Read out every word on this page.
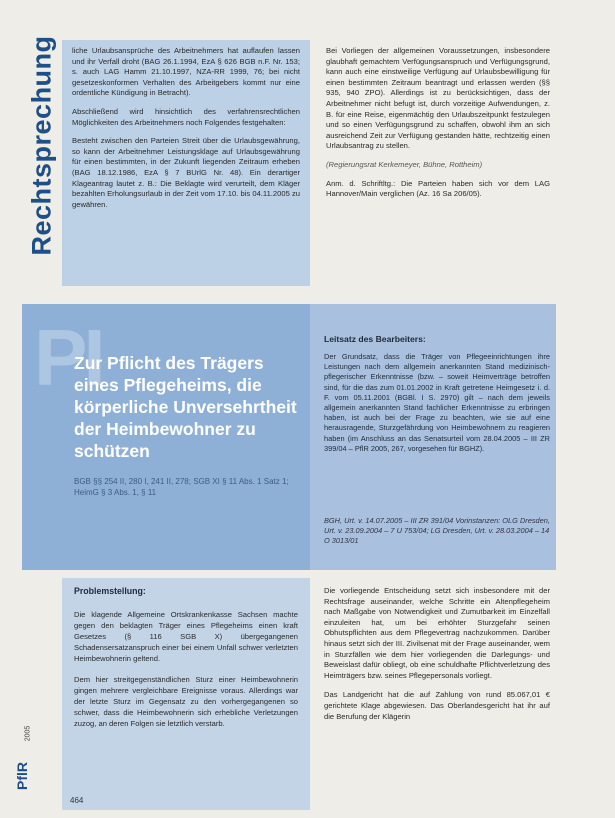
Rechtsprechung liche Urlaubsansprüche des Arbeitnehmers hat auflaufen lassen und ihr Verfall droht (BAG 26.1.1994, EzA § 626 BGB n.F. Nr. 153; s. auch LAG Hamm 21.10.1997, NZA-RR 1999, 76; bei nicht gesetzeskonformen Verhalten des Arbeitgebers kommt nur eine ordentliche Kündigung in Betracht).

Abschließend wird hinsichtlich des verfahrensrechtlichen Möglichkeiten des Arbeitnehmers noch Folgendes festgehalten:

Besteht zwischen den Parteien Streit über die Urlaubsgewährung, so kann der Arbeitnehmer Leistungsklage auf Urlaubsgewährung für einen bestimmten, in der Zukunft liegenden Zeitraum erheben (BAG 18.12.1986, EzA § 7 BUrlG Nr. 48). Ein derartiger Klageantrag lautet z. B.: Die Beklagte wird verurteilt, dem Kläger bezahlten Erholungsurlaub in der Zeit vom 17.10. bis 04.11.2005 zu gewähren.

Bei Vorliegen der allgemeinen Voraussetzungen, insbesondere glaubhaft gemachtem Verfügungsanspruch und Verfügungsgrund, kann auch eine einstweilige Verfügung auf Urlaubsbewilligung für einen bestimmten Zeitraum beantragt und erlassen werden (§§ 935, 940 ZPO). Allerdings ist zu berücksichtigen, dass der Arbeitnehmer nicht befugt ist, durch vorzeitige Aufwendungen, z. B. für eine Reise, eigenmächtig den Urlaubszeitpunkt festzulegen und so einen Verfügungsgrund zu schaffen, obwohl ihm an sich ausreichend Zeit zur Verfügung gestanden hätte, rechtzeitig einen Urlaubsantrag zu stellen.

(Regierungsrat Kerkemeyer, Bühne, Rottheim)
Anm. d. Schriftltg.: Die Parteien haben sich vor dem LAG Hannover/Main verglichen (Az. 16 Sa 206/05).
PI
Zur Pflicht des Trägers eines Pflegeheims, die körperliche Unversehrtheit der Heimbewohner zu schützen
BGB §§ 254 II, 280 I, 241 II, 278; SGB XI § 11 Abs. 1 Satz 1; HeimG § 3 Abs. 1, § 11
Leitsatz des Bearbeiters:
Der Grundsatz, dass die Träger von Pflegeeinrichtungen ihre Leistungen nach dem allgemein anerkannten Stand medizinisch-pflegerischer Erkenntnisse (bzw. – soweit Heimverträge betroffen sind, für die das zum 01.01.2002 in Kraft getretene Heimgesetz i. d. F. vom 05.11.2001 (BGBl. I S. 2970) gilt – nach dem jeweils allgemein anerkannten Stand fachlicher Erkenntnisse zu erbringen haben, ist auch bei der Frage zu beachten, wie sie auf eine herausragende, Sturzgefährdung von Heimbewohnern zu reagieren haben (im Anschluss an das Senatsurteil vom 28.04.2005 – III ZR 399/04 – PflR 2005, 267, vorgesehen für BGHZ).
BGH, Urt. v. 14.07.2005 – III ZR 391/04 Vorinstanzen: OLG Dresden, Urt. v. 23.09.2004 – 7 U 753/04; LG Dresden, Urt. v. 28.03.2004 – 14 O 3013/01
Problemstellung:

Die klagende Allgemeine Ortskrankenkasse Sachsen machte gegen den beklagten Träger eines Pflegeheims einen kraft Gesetzes (§ 116 SGB X) übergegangenen Schadensersatzanspruch einer bei einem Unfall schwer verletzten Heimbewohnerin geltend.

Dem hier streitgegenständlichen Sturz einer Heimbewohnerin gingen mehrere vergleichbare Ereignisse voraus. Allerdings war der letzte Sturz im Gegensatz zu den vorhergegangenen so schwer, dass die Heimbewohnerin sich erhebliche Verletzungen zuzog, an deren Folgen sie letztlich verstarb.

Die vorliegende Entscheidung setzt sich insbesondere mit der Rechtsfrage auseinander, welche Schritte ein Altenpflegeheim nach Maßgabe von Notwendigkeit und Zumutbarkeit im Einzelfall einzuleiten hat, um bei erhöhter Sturzgefahr seinen Obhutspflichten aus dem Pflegevertrag nachzukommen. Darüber hinaus setzt sich der III. Zivilsenat mit der Frage auseinander, wem in Sturzfällen wie dem hier vorliegenden die Darlegungs- und Beweislast dafür obliegt, ob eine schuldhafte Pflichtverletzung des Heimträgers bzw. seines Pflegepersonals vorliegt.

Das Landgericht hat die auf Zahlung von rund 85.067,01 € gerichtete Klage abgewiesen. Das Oberlandesgericht hat ihr auf die Berufung der Klägerin

PflR
2005
464
